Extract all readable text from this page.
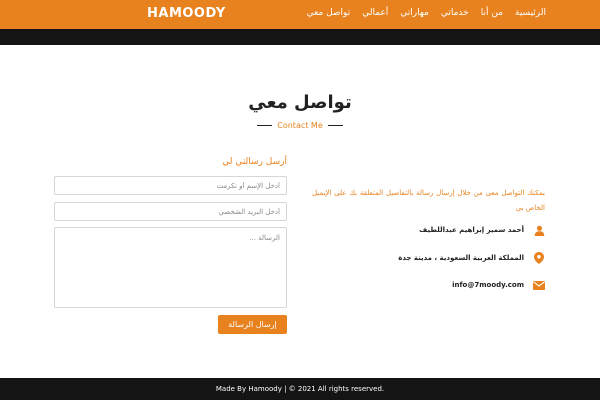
HAMOODY	الرئيسية
من أنا
خدماتي
مهاراتي
أعمالي
تواصل معي
تواصل معي
Contact Me
أرسل رسالتي لي
أدخل الإسم أو نكرمت
أدخل البريد الشخصي
الرسالة ...
إرسال الرسالة

يمكنك التواصل معي من خلال إرسال رسالة بالتفاصيل المتعلقة بك على الإيميل الخاص بي

أحمد سمير إبراهيم عبداللطيف
المملكة العربية السعودية ، مدينة جدة
info@7moody.com
Made By Hamoody | © 2021 All rights reserved.
